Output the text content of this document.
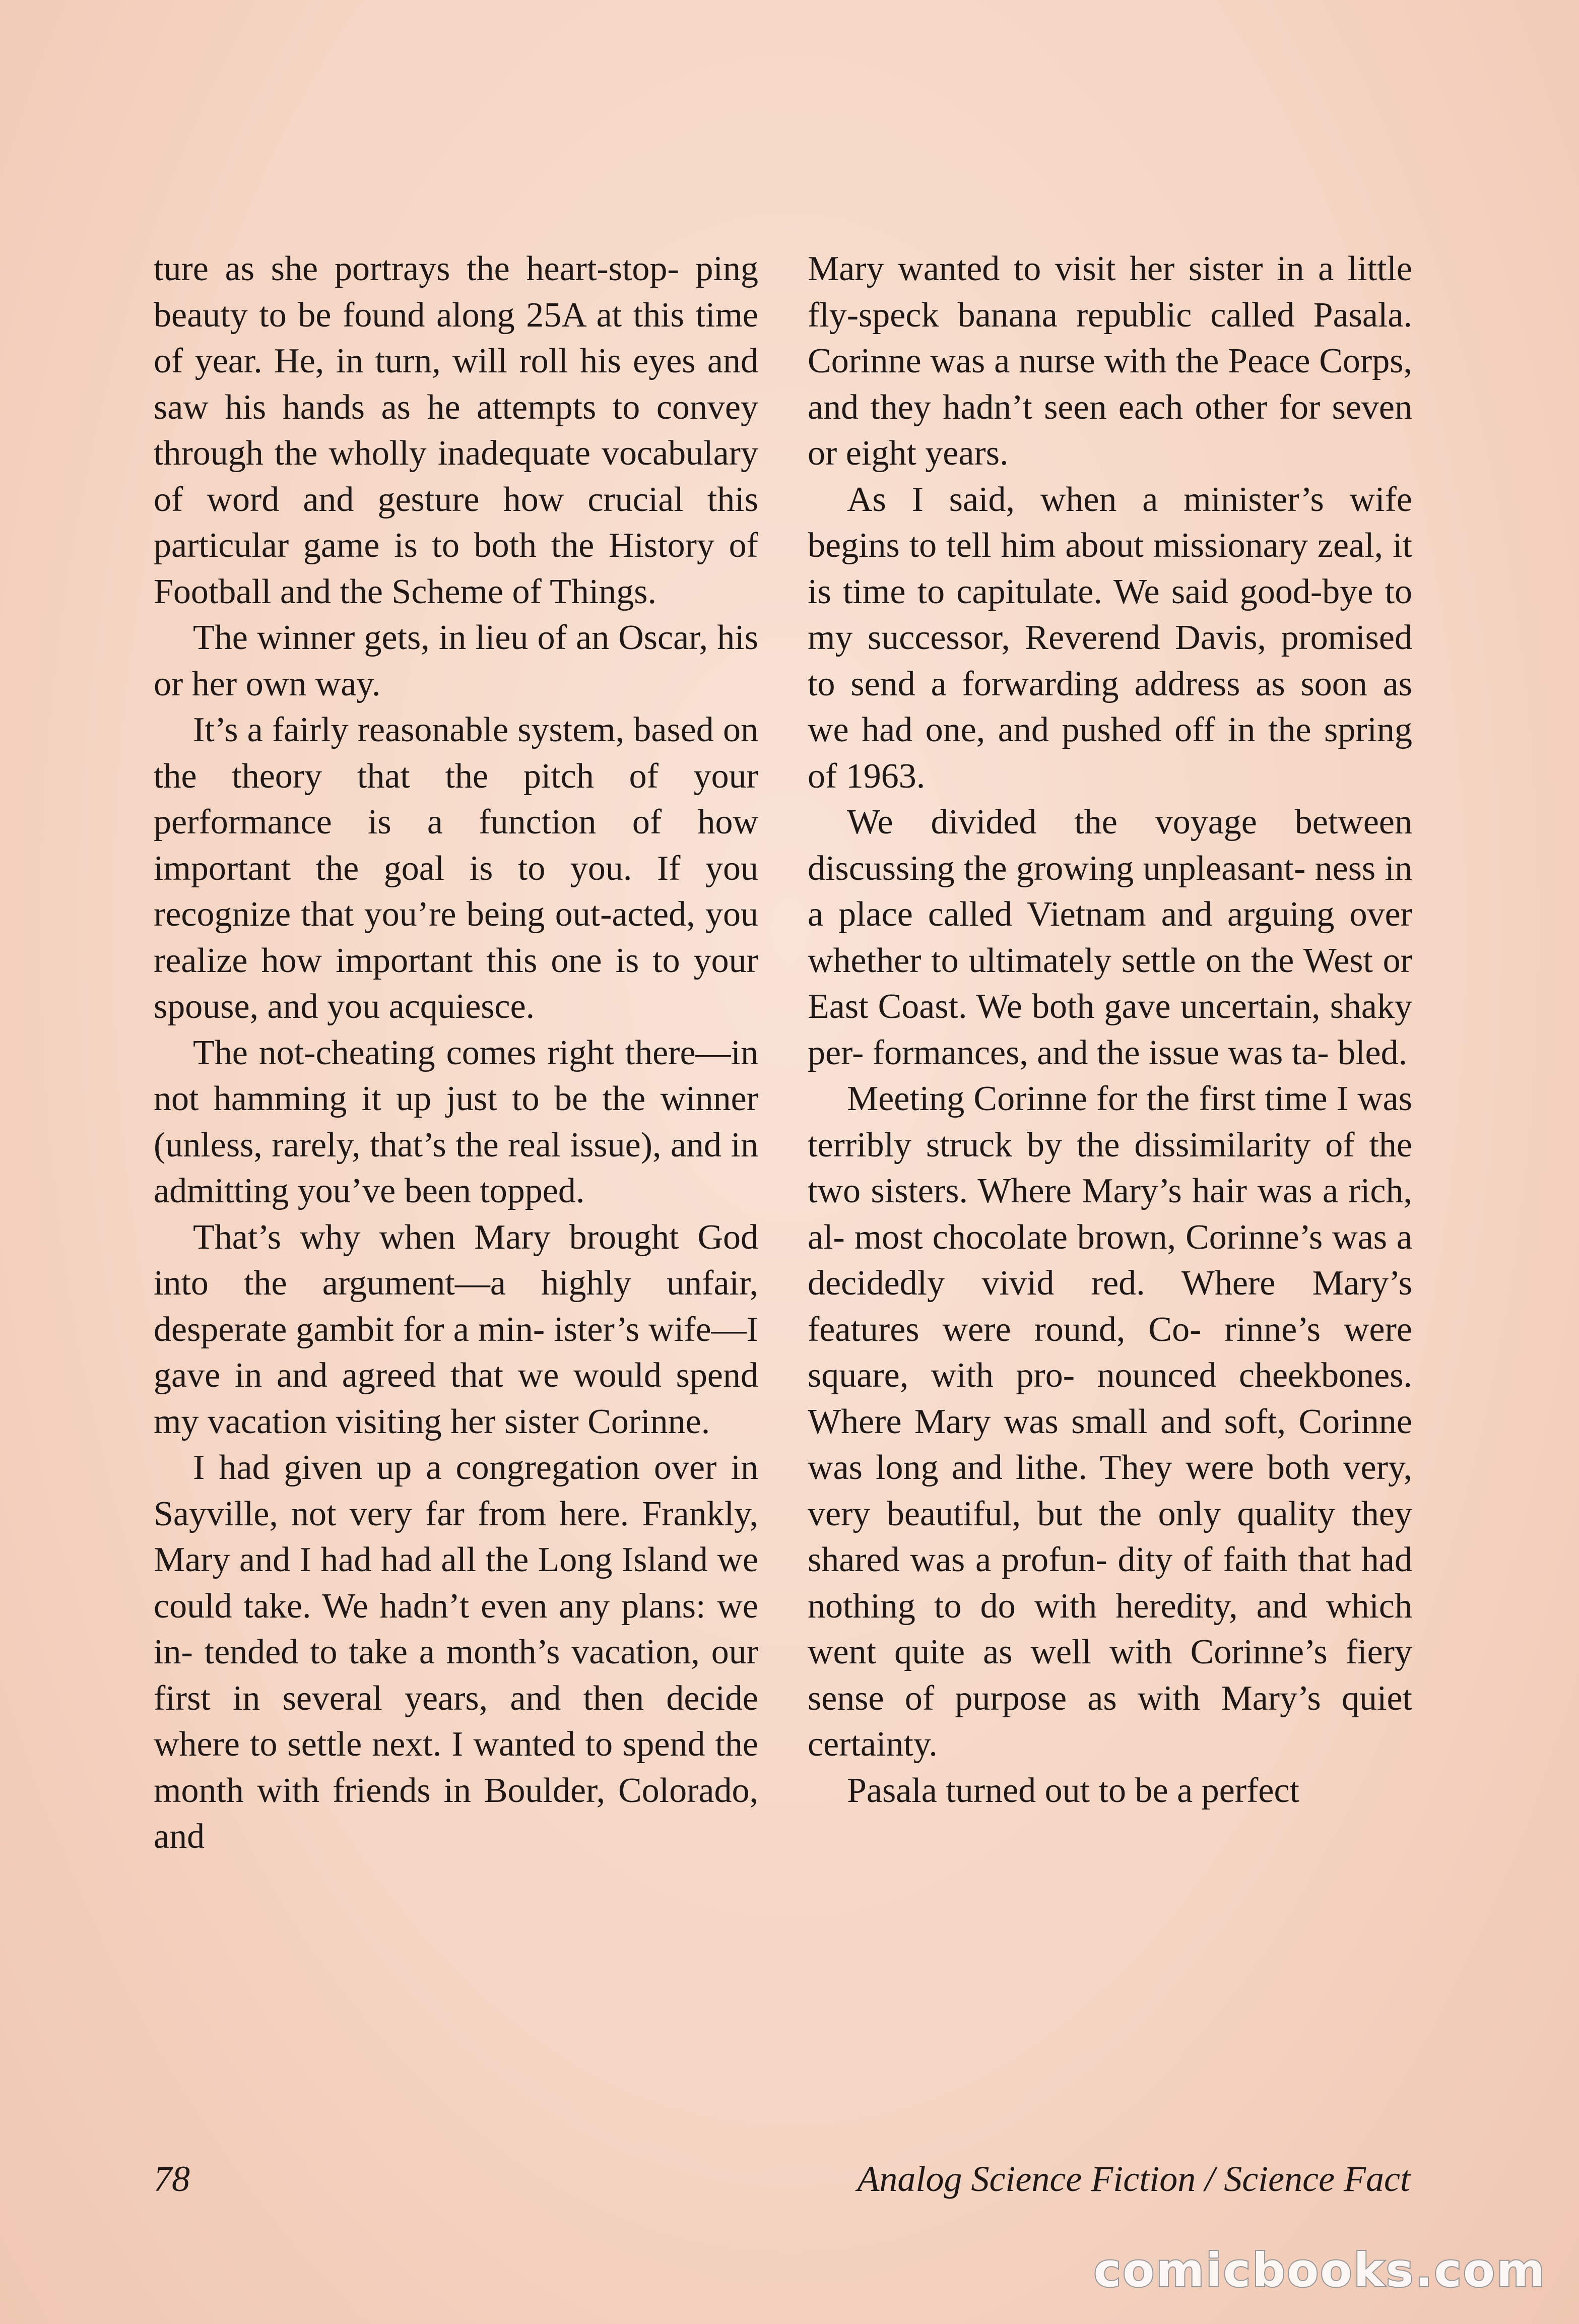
ture as she portrays the heart-stop- ping beauty to be found along 25A at this time of year. He, in turn, will roll his eyes and saw his hands as he attempts to convey through the wholly inadequate vocabulary of word and gesture how crucial this particular game is to both the History of Football and the Scheme of Things.

The winner gets, in lieu of an Oscar, his or her own way.

It’s a fairly reasonable system, based on the theory that the pitch of your performance is a function of how important the goal is to you. If you recognize that you’re being out-acted, you realize how important this one is to your spouse, and you acquiesce.

The not-cheating comes right there—in not hamming it up just to be the winner (unless, rarely, that’s the real issue), and in admitting you’ve been topped.

That’s why when Mary brought God into the argument—a highly unfair, desperate gambit for a min- ister’s wife—I gave in and agreed that we would spend my vacation visiting her sister Corinne.

I had given up a congregation over in Sayville, not very far from here. Frankly, Mary and I had had all the Long Island we could take. We hadn’t even any plans: we in- tended to take a month’s vacation, our first in several years, and then decide where to settle next. I wanted to spend the month with friends in Boulder, Colorado, and

Mary wanted to visit her sister in a little fly-speck banana republic called Pasala. Corinne was a nurse with the Peace Corps, and they hadn’t seen each other for seven or eight years.

As I said, when a minister’s wife begins to tell him about missionary zeal, it is time to capitulate. We said good-bye to my successor, Reverend Davis, promised to send a forwarding address as soon as we had one, and pushed off in the spring of 1963.

We divided the voyage between discussing the growing unpleasant- ness in a place called Vietnam and arguing over whether to ultimately settle on the West or East Coast. We both gave uncertain, shaky per- formances, and the issue was ta- bled.

Meeting Corinne for the first time I was terribly struck by the dissimilarity of the two sisters. Where Mary’s hair was a rich, al- most chocolate brown, Corinne’s was a decidedly vivid red. Where Mary’s features were round, Co- rinne’s were square, with pro- nounced cheekbones. Where Mary was small and soft, Corinne was long and lithe. They were both very, very beautiful, but the only quality they shared was a profun- dity of faith that had nothing to do with heredity, and which went quite as well with Corinne’s fiery sense of purpose as with Mary’s quiet certainty.

Pasala turned out to be a perfect

78	Analog Science Fiction / Science Fact
comicbooks.com
